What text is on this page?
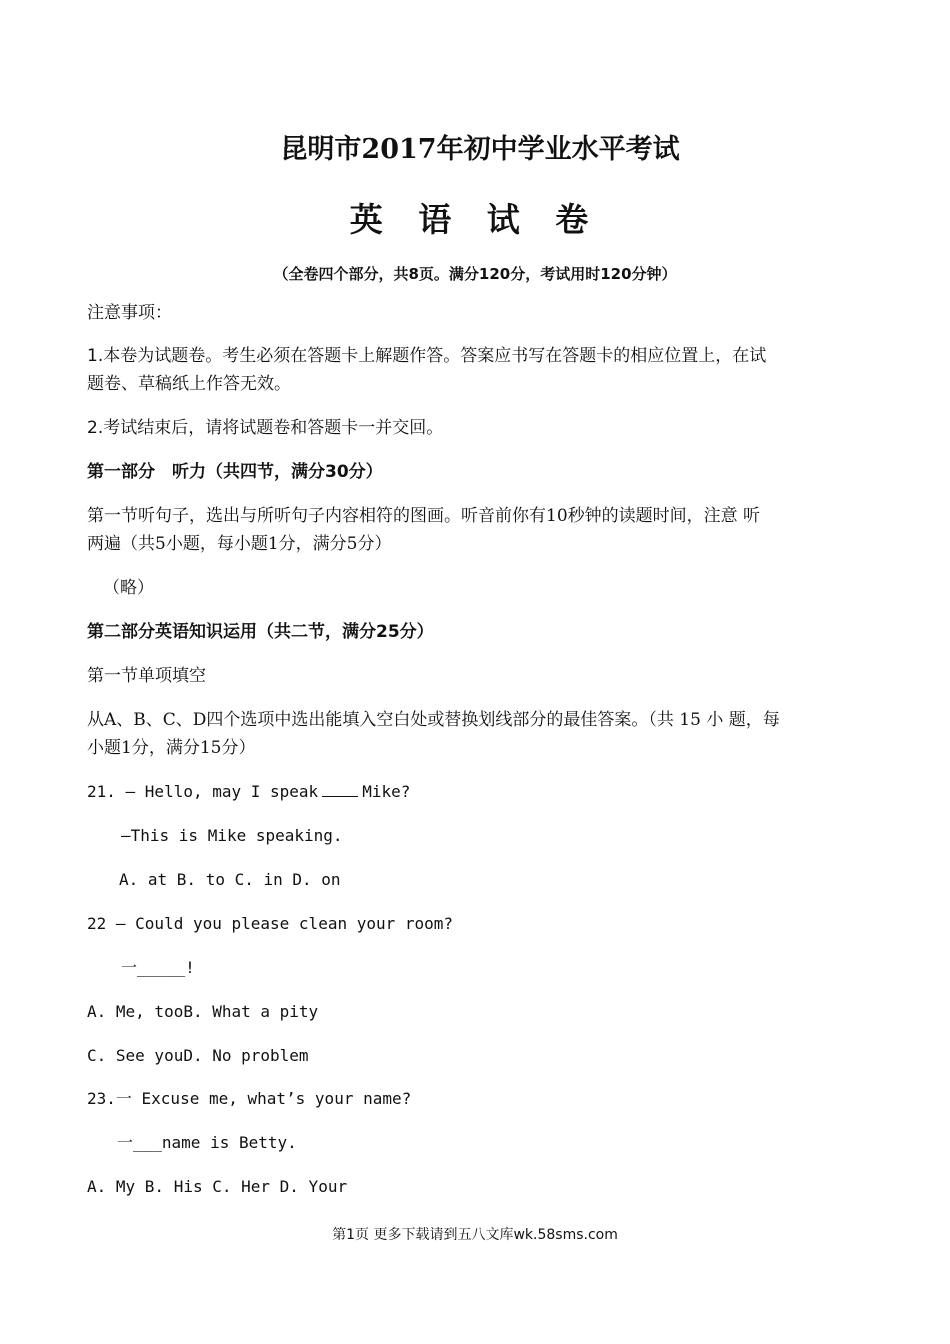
昆明市2017年初中学业水平考试
英 语 试 卷
（全卷四个部分，共8页。满分120分，考试用时120分钟）
注意事项：
1.本卷为试题卷。考生必须在答题卡上解题作答。答案应书写在答题卡的相应位置上，在试
题卷、草稿纸上作答无效。
2.考试结束后，请将试题卷和答题卡一并交回。
第一部分　听力（共四节，满分30分）
第一节听句子，选出与所听句子内容相符的图画。听音前你有10秒钟的读题时间，注意 听
两遍（共5小题，每小题1分，满分5分）
（略）
第二部分英语知识运用（共二节，满分25分）
第一节单项填空
从A、B、C、D四个选项中选出能填入空白处或替换划线部分的最佳答案。（共 15 小 题，每
小题1分，满分15分）
21. — Hello, may I speak	Mike?
—This is Mike speaking.
A. at B. to C. in D. on
22 — Could you please clean your room?
一_____!
A. Me, tooB. What a pity
C. See youD. No problem
23.一 Excuse me, what’s your name?
一___name is Betty.
A. My B. His C. Her D. Your
第1页 更多下载请到五八文库wk.58sms.com
